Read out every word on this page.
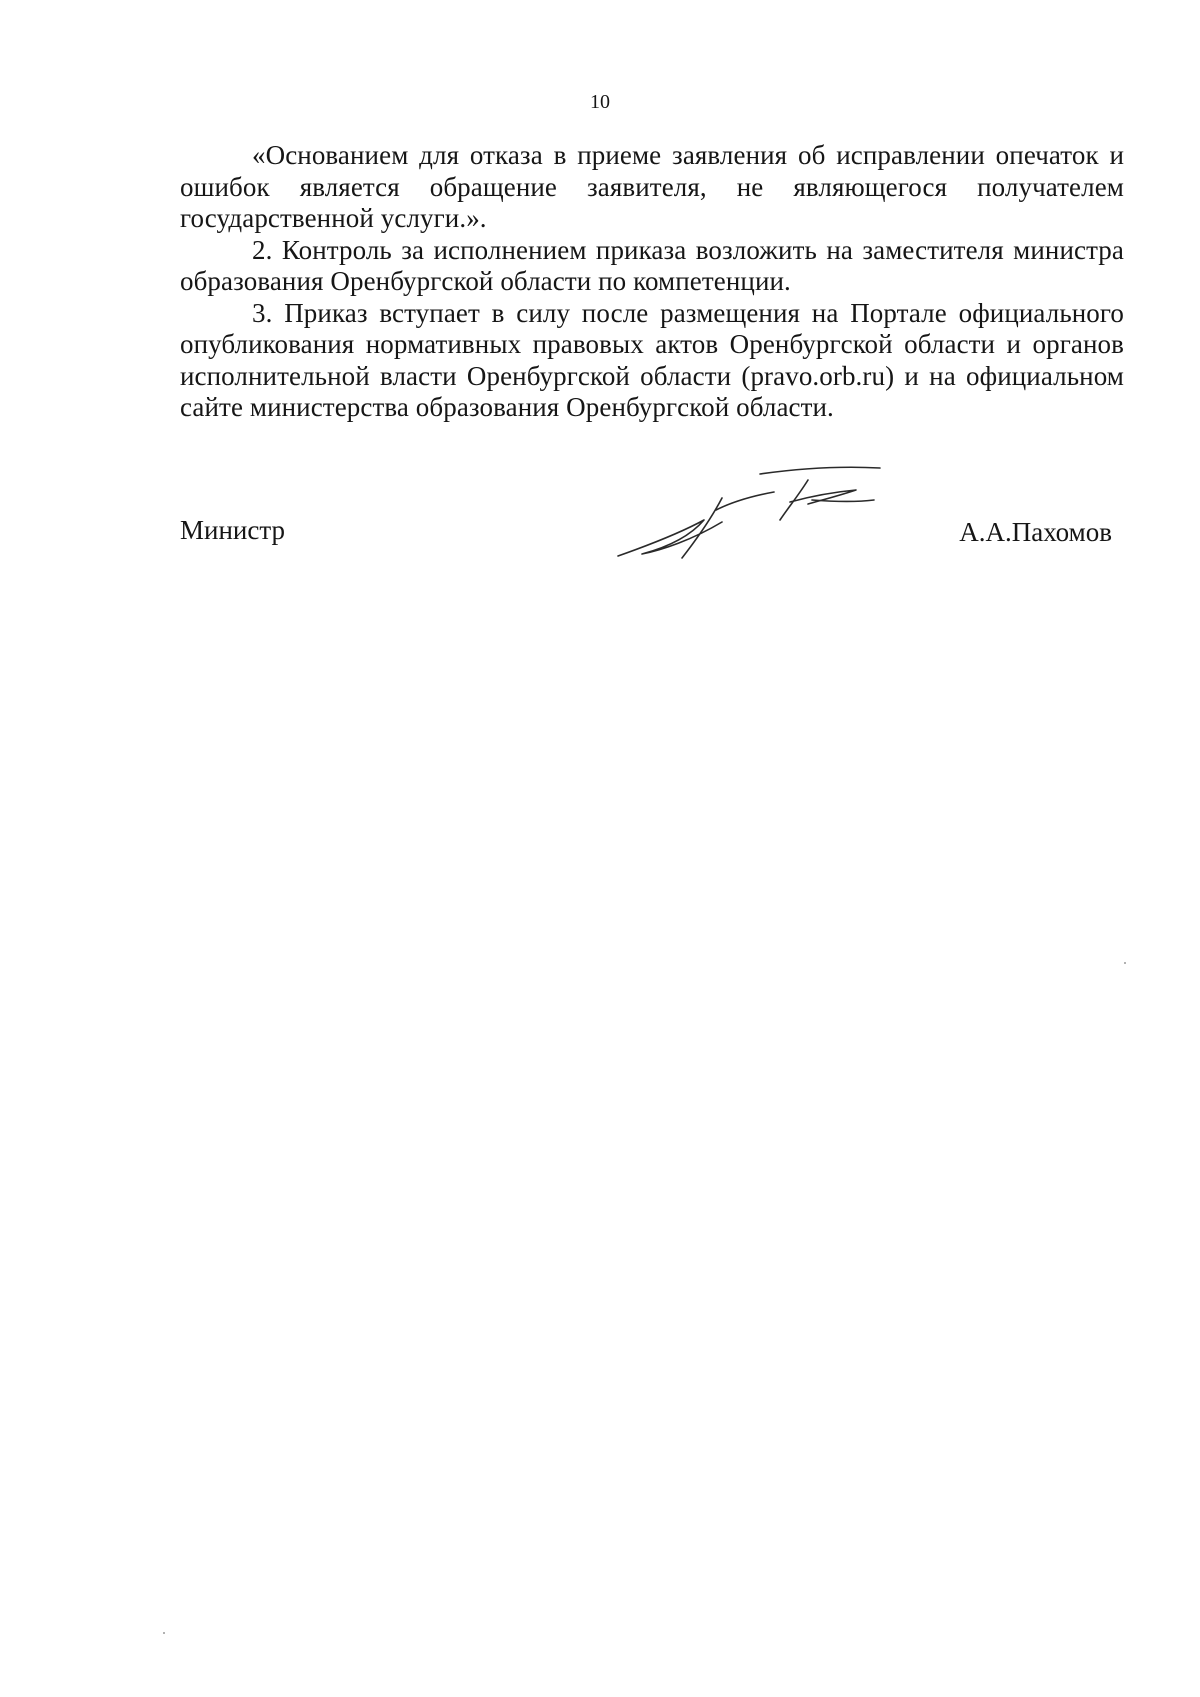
10

«Основанием для отказа в приеме заявления об исправлении опечаток и ошибок является обращение заявителя, не являющегося получателем государственной услуги.».

2. Контроль за исполнением приказа возложить на заместителя министра образования Оренбургской области по компетенции.

3. Приказ вступает в силу после размещения на Портале официального опубликования нормативных правовых актов Оренбургской области и органов исполнительной власти Оренбургской области (pravo.orb.ru) и на официальном сайте министерства образования Оренбургской области.

Министр	А.А.Пахомов
